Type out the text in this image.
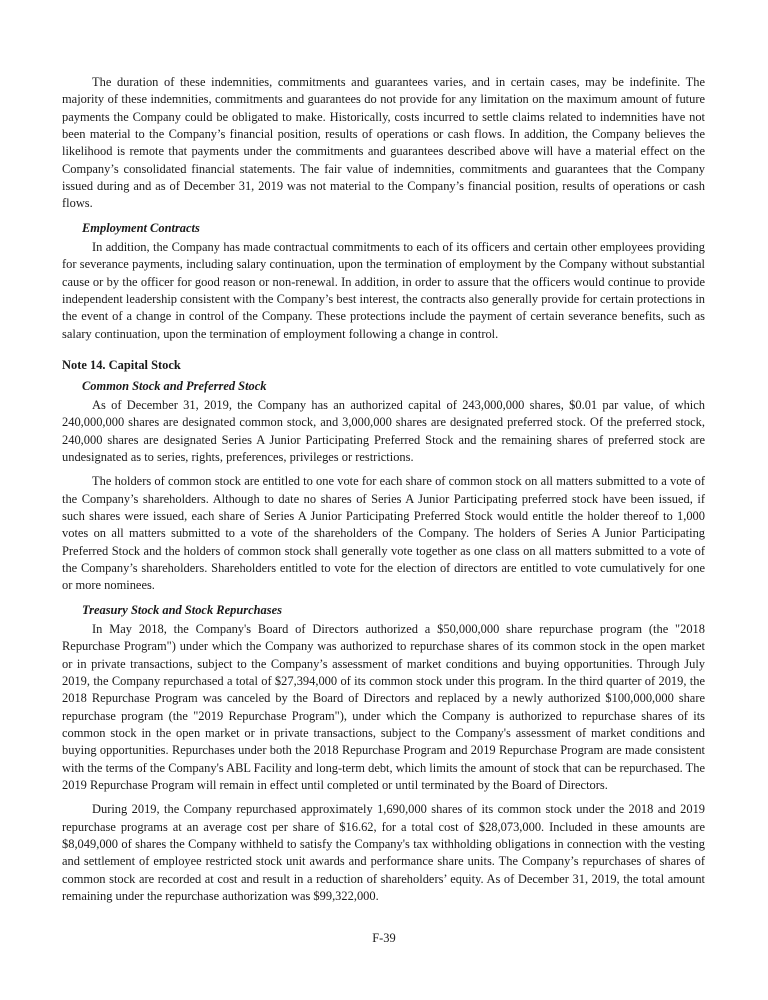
The duration of these indemnities, commitments and guarantees varies, and in certain cases, may be indefinite. The majority of these indemnities, commitments and guarantees do not provide for any limitation on the maximum amount of future payments the Company could be obligated to make. Historically, costs incurred to settle claims related to indemnities have not been material to the Company’s financial position, results of operations or cash flows. In addition, the Company believes the likelihood is remote that payments under the commitments and guarantees described above will have a material effect on the Company’s consolidated financial statements. The fair value of indemnities, commitments and guarantees that the Company issued during and as of December 31, 2019 was not material to the Company’s financial position, results of operations or cash flows.

Employment Contracts

In addition, the Company has made contractual commitments to each of its officers and certain other employees providing for severance payments, including salary continuation, upon the termination of employment by the Company without substantial cause or by the officer for good reason or non-renewal. In addition, in order to assure that the officers would continue to provide independent leadership consistent with the Company’s best interest, the contracts also generally provide for certain protections in the event of a change in control of the Company. These protections include the payment of certain severance benefits, such as salary continuation, upon the termination of employment following a change in control.

Note 14. Capital Stock
Common Stock and Preferred Stock

As of December 31, 2019, the Company has an authorized capital of 243,000,000 shares, $0.01 par value, of which 240,000,000 shares are designated common stock, and 3,000,000 shares are designated preferred stock. Of the preferred stock, 240,000 shares are designated Series A Junior Participating Preferred Stock and the remaining shares of preferred stock are undesignated as to series, rights, preferences, privileges or restrictions.

The holders of common stock are entitled to one vote for each share of common stock on all matters submitted to a vote of the Company’s shareholders. Although to date no shares of Series A Junior Participating preferred stock have been issued, if such shares were issued, each share of Series A Junior Participating Preferred Stock would entitle the holder thereof to 1,000 votes on all matters submitted to a vote of the shareholders of the Company. The holders of Series A Junior Participating Preferred Stock and the holders of common stock shall generally vote together as one class on all matters submitted to a vote of the Company’s shareholders. Shareholders entitled to vote for the election of directors are entitled to vote cumulatively for one or more nominees.

Treasury Stock and Stock Repurchases

In May 2018, the Company's Board of Directors authorized a $50,000,000 share repurchase program (the "2018 Repurchase Program") under which the Company was authorized to repurchase shares of its common stock in the open market or in private transactions, subject to the Company’s assessment of market conditions and buying opportunities. Through July 2019, the Company repurchased a total of $27,394,000 of its common stock under this program. In the third quarter of 2019, the 2018 Repurchase Program was canceled by the Board of Directors and replaced by a newly authorized $100,000,000 share repurchase program (the "2019 Repurchase Program"), under which the Company is authorized to repurchase shares of its common stock in the open market or in private transactions, subject to the Company's assessment of market conditions and buying opportunities. Repurchases under both the 2018 Repurchase Program and 2019 Repurchase Program are made consistent with the terms of the Company's ABL Facility and long-term debt, which limits the amount of stock that can be repurchased. The 2019 Repurchase Program will remain in effect until completed or until terminated by the Board of Directors.

During 2019, the Company repurchased approximately 1,690,000 shares of its common stock under the 2018 and 2019 repurchase programs at an average cost per share of $16.62, for a total cost of $28,073,000. Included in these amounts are $8,049,000 of shares the Company withheld to satisfy the Company's tax withholding obligations in connection with the vesting and settlement of employee restricted stock unit awards and performance share units. The Company’s repurchases of shares of common stock are recorded at cost and result in a reduction of shareholders’ equity. As of December 31, 2019, the total amount remaining under the repurchase authorization was $99,322,000.

F-39
